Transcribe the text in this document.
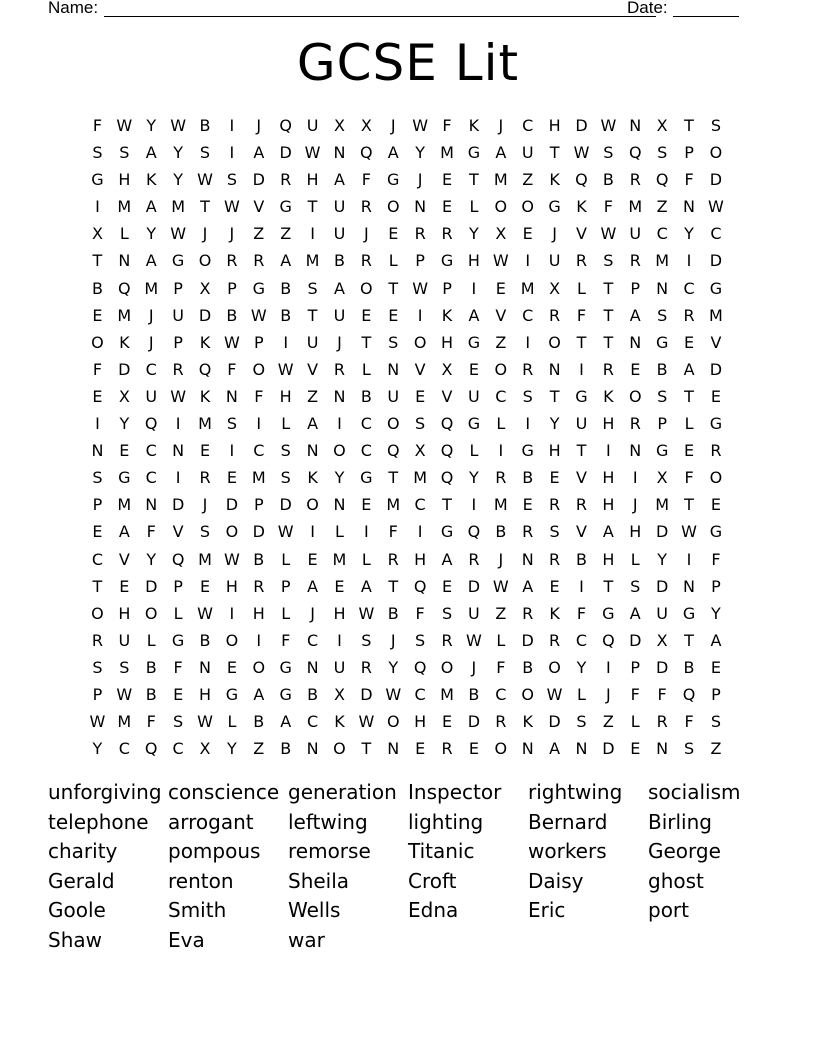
Name:	Date:
GCSE Lit
F W Y W B I J Q U X X J W F K J C H D W N X T S
S S A Y S I A D W N Q A Y M G A U T W S Q S P O
G H K Y W S D R H A F G J E T M Z K Q B R Q F D
I M A M T W V G T U R O N E L O O G K F M Z N W
X L Y W J J Z Z I U J E R R Y X E J V W U C Y C
T N A G O R R A M B R L P G H W I U R S R M I D
B Q M P X P G B S A O T W P I E M X L T P N C G
E M J U D B W B T U E E I K A V C R F T A S R M
O K J P K W P I U J T S O H G Z I O T T N G E V
F D C R Q F O W V R L N V X E O R N I R E B A D
E X U W K N F H Z N B U E V U C S T G K O S T E
I Y Q I M S I L A I C O S Q G L I Y U H R P L G
N E C N E I C S N O C Q X Q L I G H T I N G E R
S G C I R E M S K Y G T M Q Y R B E V H I X F O
P M N D J D P D O N E M C T I M E R R H J M T E
E A F V S O D W I L I F I G Q B R S V A H D W G
C V Y Q M W B L E M L R H A R J N R B H L Y I F
T E D P E H R P A E A T Q E D W A E I T S D N P
O H O L W I H L J H W B F S U Z R K F G A U G Y
R U L G B O I F C I S J S R W L D R C Q D X T A
S S B F N E O G N U R Y Q O J F B O Y I P D B E
P W B E H G A G B X D W C M B C O W L J F F Q P
W M F S W L B A C K W O H E D R K D S Z L R F S
Y C Q C X Y Z B N O T N E R E O N A N D E N S Z
unforgiving conscience generation Inspector rightwing socialism
telephone arrogant leftwing lighting Bernard Birling
charity	pompous remorse Titanic	workers George
Gerald	renton	Sheila	Croft	Daisy	ghost
Goole	Smith	Wells	Edna	Eric	port
Shaw	Eva	war
